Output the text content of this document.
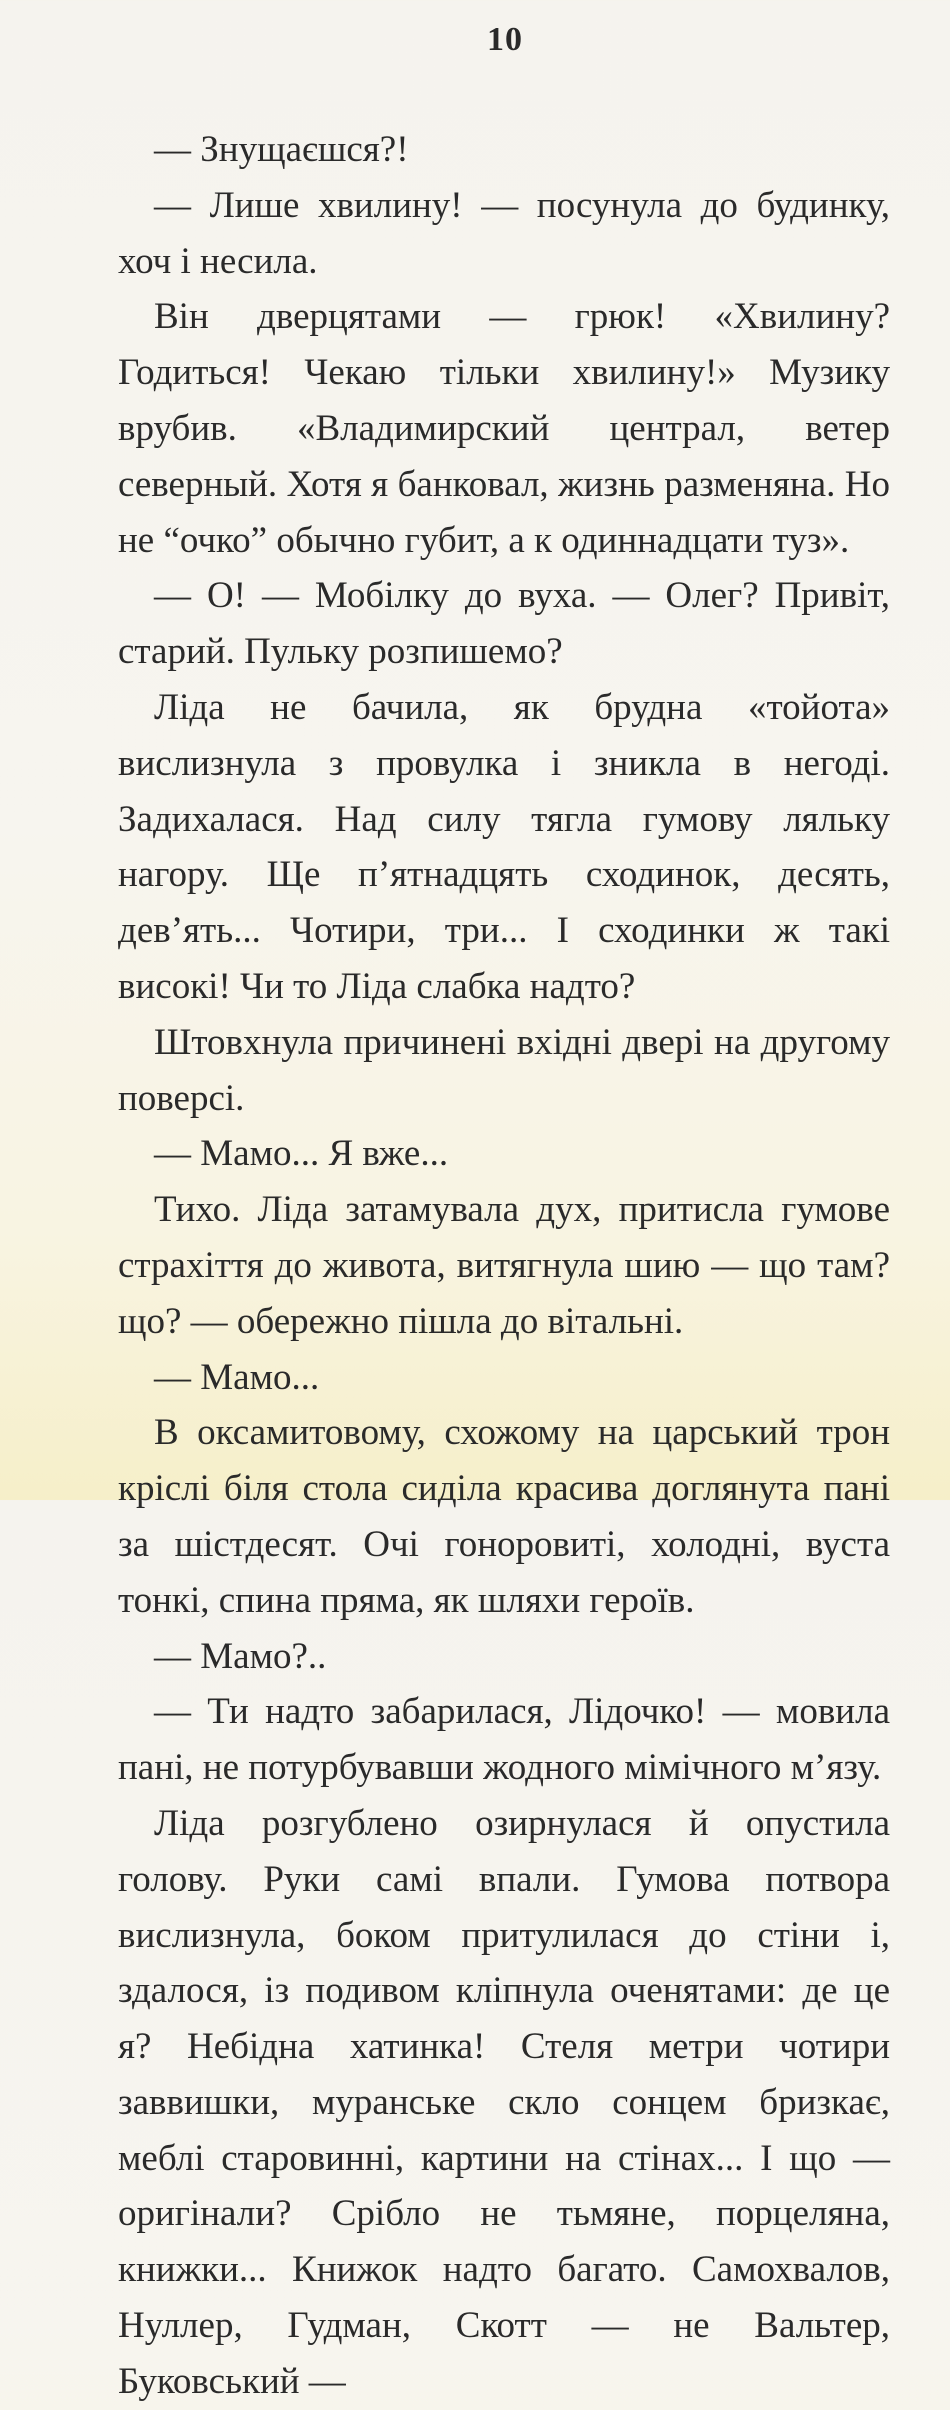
10

— Знущаєшся?!

— Лише хвилину! — посунула до будинку, хоч і несила.

Він дверцятами — грюк! «Хвилину? Годиться! Чекаю тільки хвилину!» Музику врубив. «Владимирский централ, ветер северный. Хотя я банковал, жизнь разменяна. Но не “очко” обычно губит, а к одиннадцати туз».

— О! — Мобілку до вуха. — Олег? Привіт, старий. Пульку розпишемо?

Ліда не бачила, як брудна «тойота» вислизнула з провулка і зникла в негоді. Задихалася. Над силу тягла гумову ляльку нагору. Ще п’ятнадцять сходинок, десять, дев’ять... Чотири, три... І сходинки ж такі високі! Чи то Ліда слабка надто?

Штовхнула причинені вхідні двері на другому поверсі.

— Мамо... Я вже...

Тихо. Ліда затамувала дух, притисла гумове страхіття до живота, витягнула шию — що там? що? — обережно пішла до вітальні.

— Мамо...

В оксамитовому, схожому на царський трон кріслі біля стола сиділа красива доглянута пані за шістдесят. Очі гоноровиті, холодні, вуста тонкі, спина пряма, як шляхи героїв.

— Мамо?..

— Ти надто забарилася, Лідочко! — мовила пані, не потурбувавши жодного мімічного м’язу.

Ліда розгублено озирнулася й опустила голову. Руки самі впали. Гумова потвора вислизнула, боком притулилася до стіни і, здалося, із подивом кліпнула оченятами: де це я? Небідна хатинка! Стеля метри чотири заввишки, муранське скло сонцем бризкає, меблі старовинні, картини на стінах... І що — оригінали? Срібло не тьмяне, порцеляна, книжки... Книжок надто багато. Самохвалов, Нуллер, Гудман, Скотт — не Вальтер, Буковський —
